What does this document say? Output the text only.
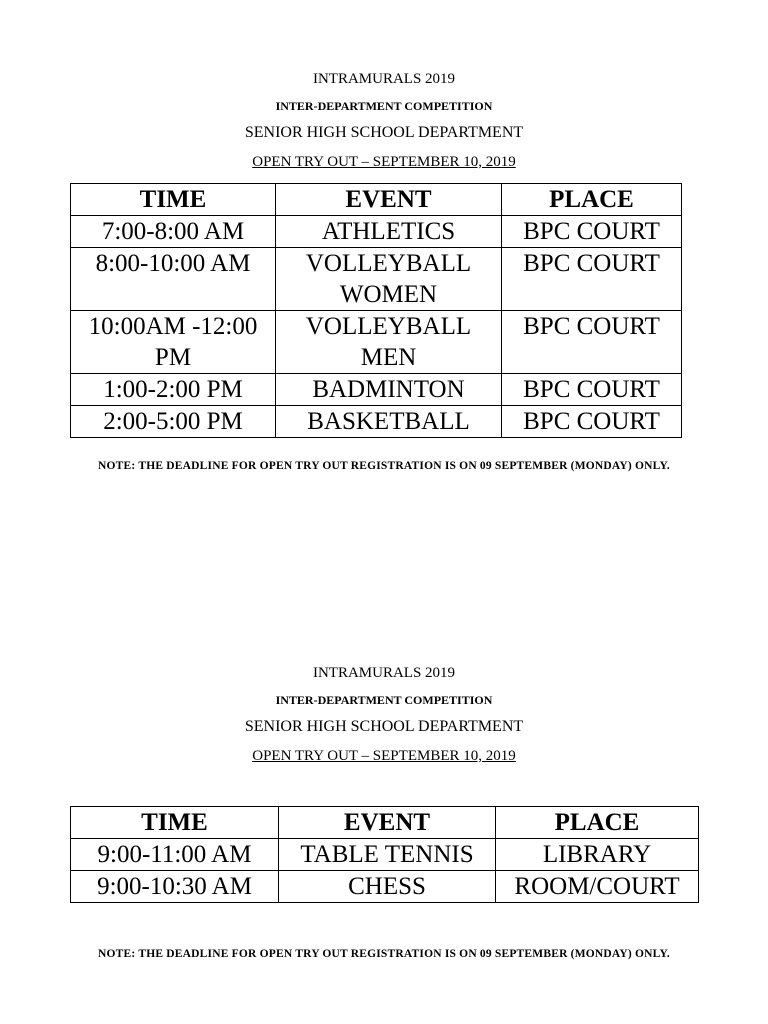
INTRAMURALS 2019
INTER-DEPARTMENT COMPETITION
SENIOR HIGH SCHOOL DEPARTMENT
OPEN TRY OUT – SEPTEMBER 10, 2019
TIME	EVENT	PLACE
7:00-8:00 AM	ATHLETICS	BPC COURT
8:00-10:00 AM	VOLLEYBALL WOMEN	BPC COURT
10:00AM -12:00 PM	VOLLEYBALL MEN	BPC COURT
1:00-2:00 PM	BADMINTON	BPC COURT
2:00-5:00 PM	BASKETBALL	BPC COURT
NOTE: THE DEADLINE FOR OPEN TRY OUT REGISTRATION IS ON 09 SEPTEMBER (MONDAY) ONLY.
INTRAMURALS 2019
INTER-DEPARTMENT COMPETITION
SENIOR HIGH SCHOOL DEPARTMENT
OPEN TRY OUT – SEPTEMBER 10, 2019
TIME	EVENT	PLACE
9:00-11:00 AM	TABLE TENNIS	LIBRARY
9:00-10:30 AM	CHESS	ROOM/COURT
NOTE: THE DEADLINE FOR OPEN TRY OUT REGISTRATION IS ON 09 SEPTEMBER (MONDAY) ONLY.
